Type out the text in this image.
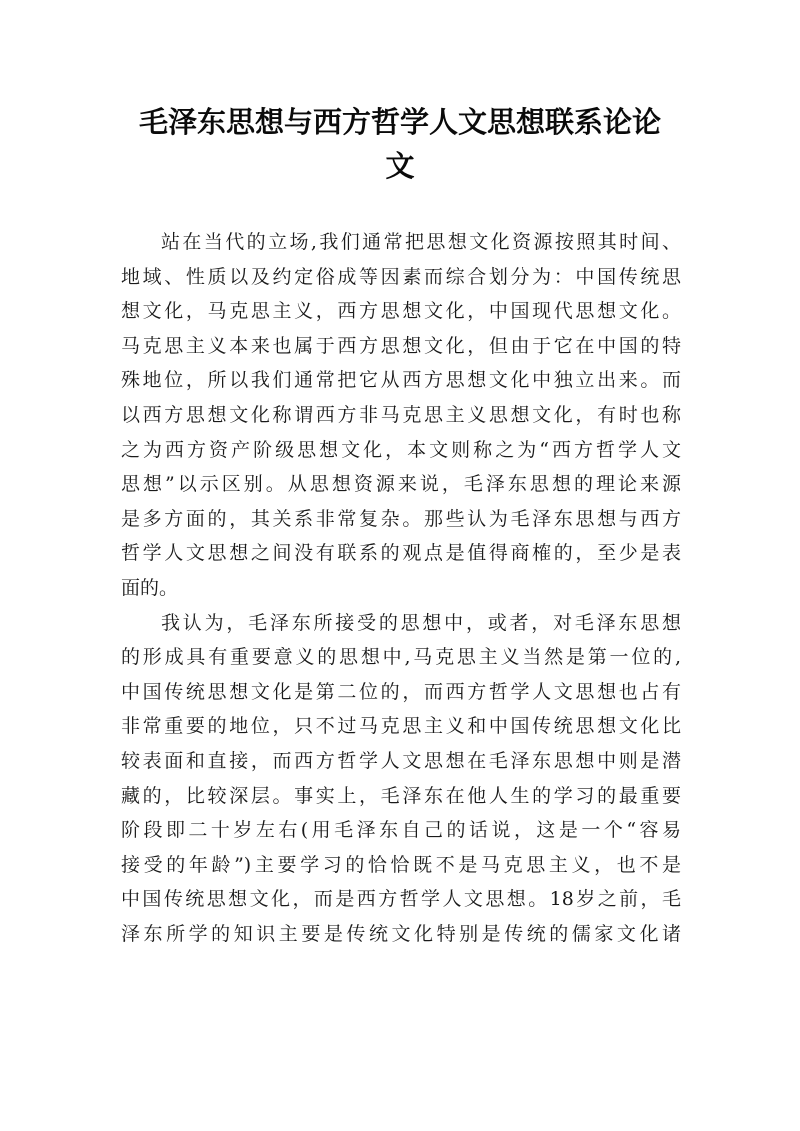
毛泽东思想与西方哲学人文思想联系论论
文
站在当代的立场,我们通常把思想文化资源按照其时间、
地域、性质以及约定俗成等因素而综合划分为：中国传统思
想文化，马克思主义，西方思想文化，中国现代思想文化。
马克思主义本来也属于西方思想文化，但由于它在中国的特
殊地位，所以我们通常把它从西方思想文化中独立出来。而
以西方思想文化称谓西方非马克思主义思想文化，有时也称
之为西方资产阶级思想文化，本文则称之为“西方哲学人文
思想”以示区别。从思想资源来说，毛泽东思想的理论来源
是多方面的，其关系非常复杂。那些认为毛泽东思想与西方
哲学人文思想之间没有联系的观点是值得商榷的，至少是表
面的。
我认为，毛泽东所接受的思想中，或者，对毛泽东思想
的形成具有重要意义的思想中,马克思主义当然是第一位的,
中国传统思想文化是第二位的，而西方哲学人文思想也占有
非常重要的地位，只不过马克思主义和中国传统思想文化比
较表面和直接，而西方哲学人文思想在毛泽东思想中则是潜
藏的，比较深层。事实上，毛泽东在他人生的学习的最重要
阶段即二十岁左右(用毛泽东自己的话说，这是一个“容易
接受的年龄”)主要学习的恰恰既不是马克思主义，也不是
中国传统思想文化，而是西方哲学人文思想。18岁之前，毛
泽东所学的知识主要是传统文化特别是传统的儒家文化诸
